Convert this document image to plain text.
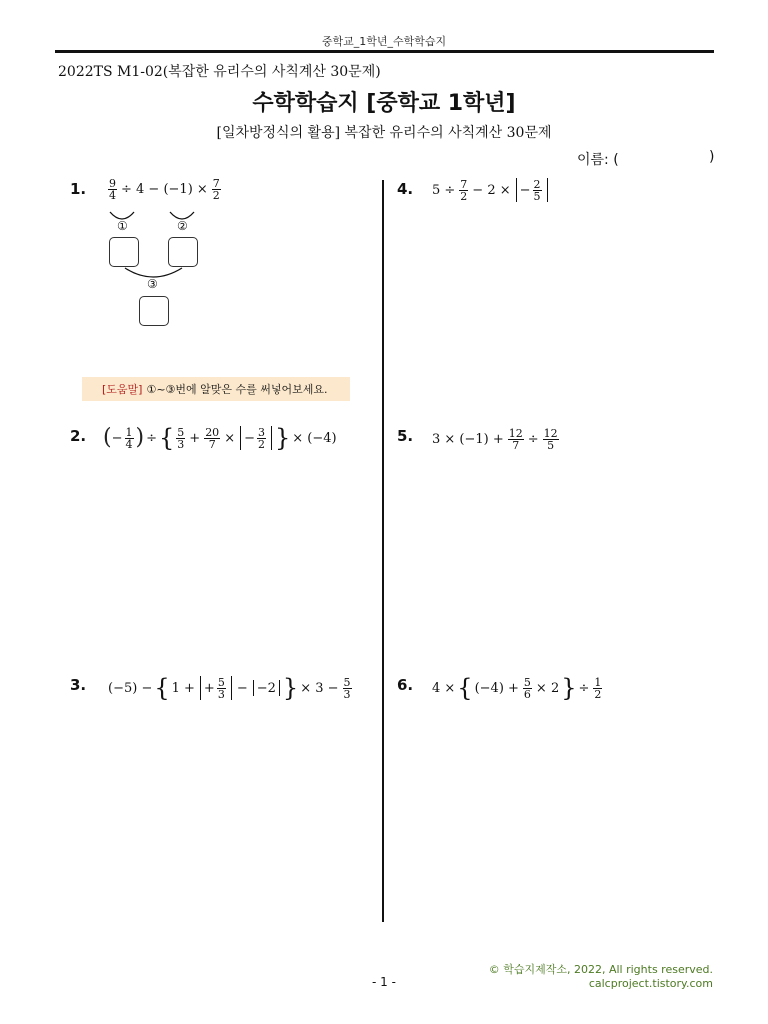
중학교_1학년_수학학습지
2022TS M1-02(복잡한 유리수의 사칙계산 30문제)
수학학습지 [중학교 1학년]
[일차방정식의 활용] 복잡한 유리수의 사칙계산 30문제
이름: (	)
1. $\frac{9}{4} \div 4 - (-1) \times \frac{7}{2}$
①	②
③
[도움말] ①~③번에 알맞은 수를 써넣어보세요.
2. ( − $\frac{1}{4}$ ) ÷ { $\frac{5}{3} + \frac{20}{7}$ × − $\frac{3}{2}$ } × (−4)
3. (−5) − { 1 + + $\frac{5}{3} - -2$ } × $3 - \frac{5}{3}$
4. $5 \div \frac{7}{2} - 2$ × − $\frac{2}{5}$
5. $3 \times (-1) + \frac{12}{7} \div \frac{12}{5}$
6. 4 × { $(-4) + \frac{5}{6} \times 2$ } ÷ $\frac{1}{2}$
© 학습지제작소, 2022, All rights reserved.
calcproject.tistory.com
- 1 -
